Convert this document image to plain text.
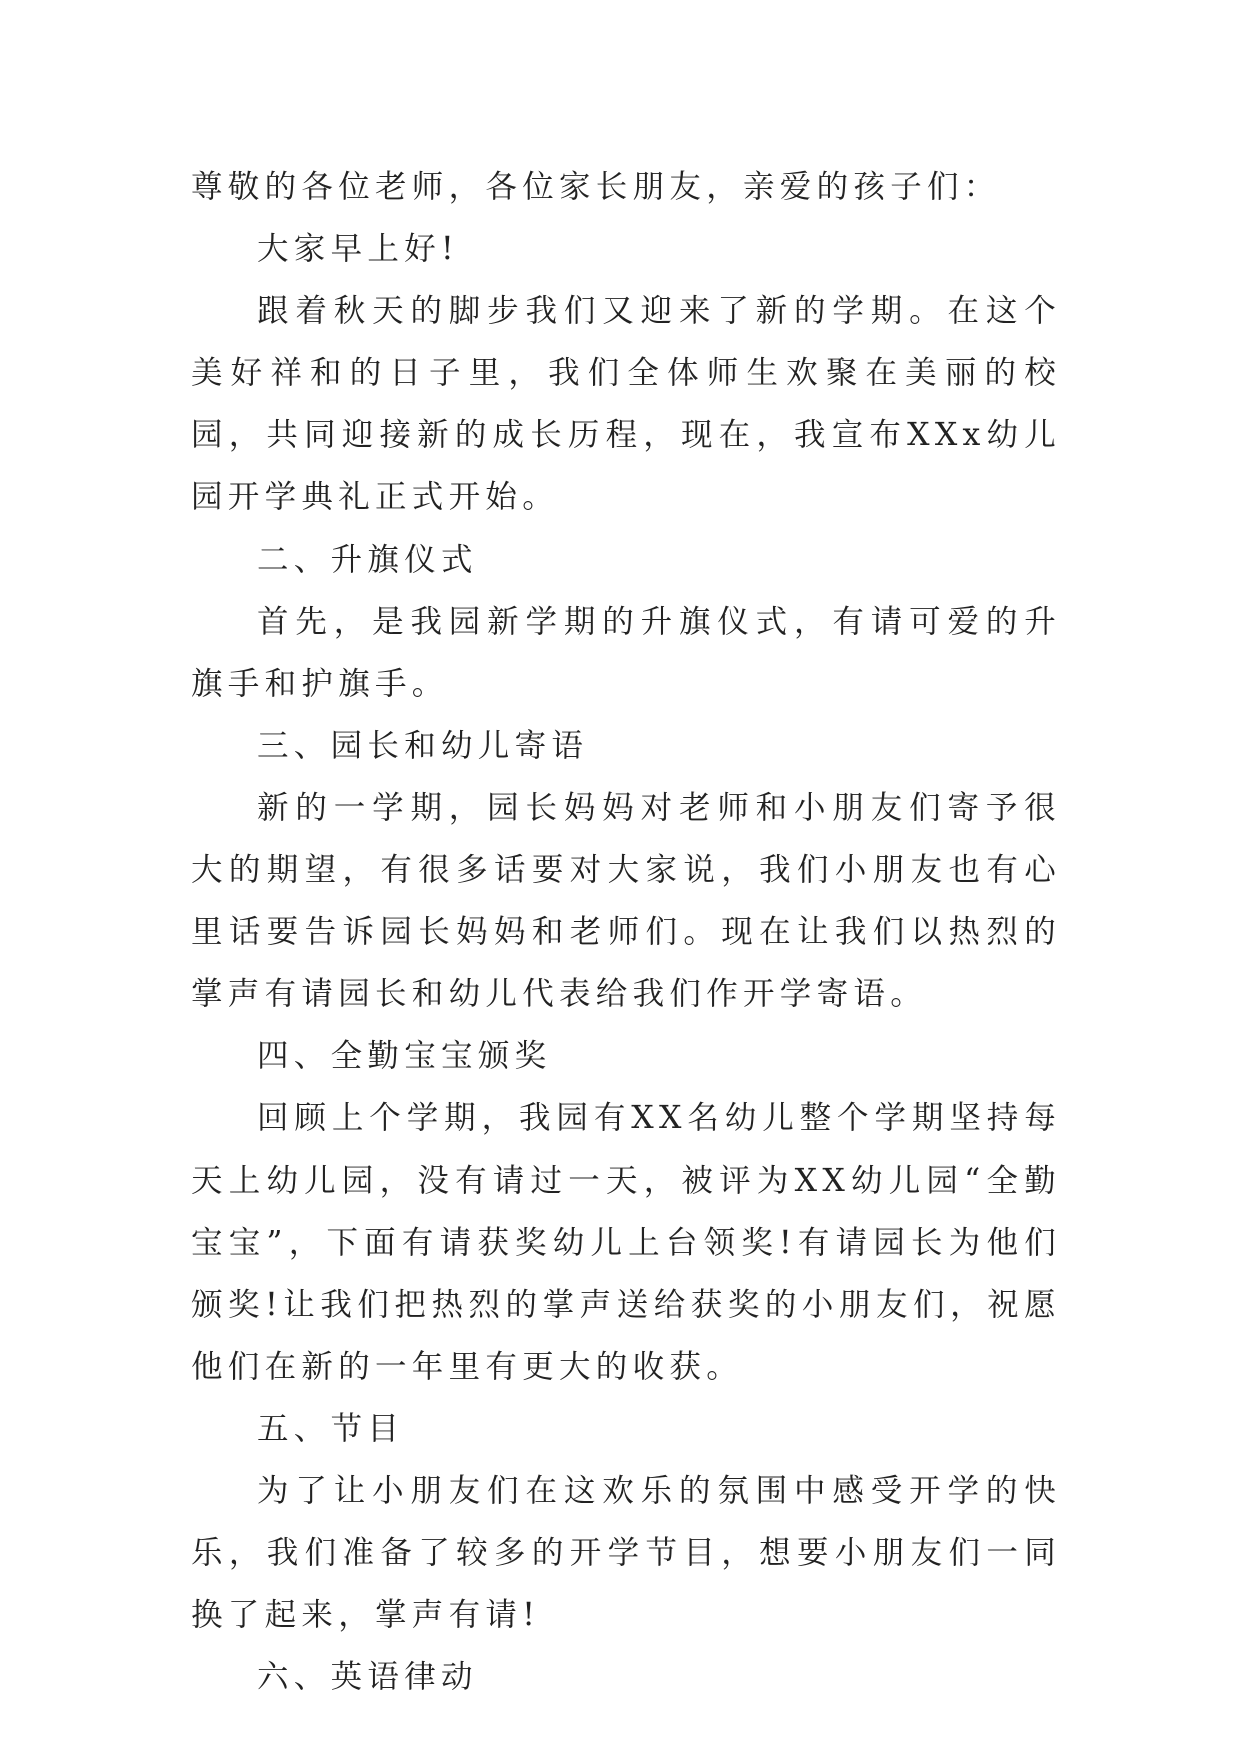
尊敬的各位老师，各位家长朋友，亲爱的孩子们：

大家早上好!

跟着秋天的脚步我们又迎来了新的学期。在这个美好祥和的日子里，我们全体师生欢聚在美丽的校园，共同迎接新的成长历程，现在，我宣布XXx幼儿园开学典礼正式开始。

二、升旗仪式

首先，是我园新学期的升旗仪式，有请可爱的升旗手和护旗手。

三、园长和幼儿寄语

新的一学期，园长妈妈对老师和小朋友们寄予很大的期望，有很多话要对大家说，我们小朋友也有心里话要告诉园长妈妈和老师们。现在让我们以热烈的掌声有请园长和幼儿代表给我们作开学寄语。

四、全勤宝宝颁奖

回顾上个学期，我园有XX名幼儿整个学期坚持每天上幼儿园，没有请过一天，被评为XX幼儿园“全勤宝宝”，下面有请获奖幼儿上台领奖!有请园长为他们颁奖!让我们把热烈的掌声送给获奖的小朋友们，祝愿他们在新的一年里有更大的收获。

五、节目

为了让小朋友们在这欢乐的氛围中感受开学的快乐，我们准备了较多的开学节目，想要小朋友们一同换了起来，掌声有请!

六、英语律动
